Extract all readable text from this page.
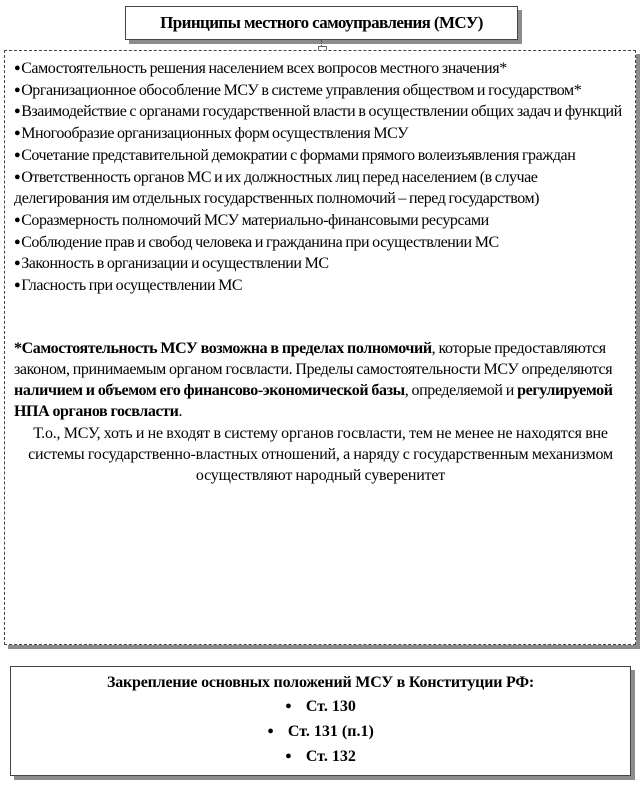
Принципы местного самоуправления (МСУ)

●Самостоятельность решения населением всех вопросов местного значения*

●Организационное обособление МСУ в системе управления обществом и государством*

●Взаимодействие с органами государственной власти в осуществлении общих задач и функций

●Многообразие организационных форм осуществления МСУ

●Сочетание представительной демократии с формами прямого волеизъявления граждан

●Ответственность органов МС и их должностных лиц перед населением (в случае делегирования им отдельных государственных полномочий – перед государством)

●Соразмерность полномочий МСУ материально-финансовыми ресурсами

●Соблюдение прав и свобод человека и гражданина при осуществлении МС

●Законность в организации и осуществлении МС

●Гласность при осуществлении МС

*Самостоятельность МСУ возможна в пределах полномочий, которые предоставляются законом, принимаемым органом госвласти. Пределы самостоятельности МСУ определяются наличием и объемом его финансово-экономической базы, определяемой и регулируемой НПА органов госвласти.

Т.о., МСУ, хоть и не входят в систему органов госвласти, тем не менее не находятся вне системы государственно-властных отношений, а наряду с государственным механизмом осуществляют народный суверенитет

Закрепление основных положений МСУ в Конституции РФ:

● Ст. 130

● Ст. 131 (п.1)

● Ст. 132
